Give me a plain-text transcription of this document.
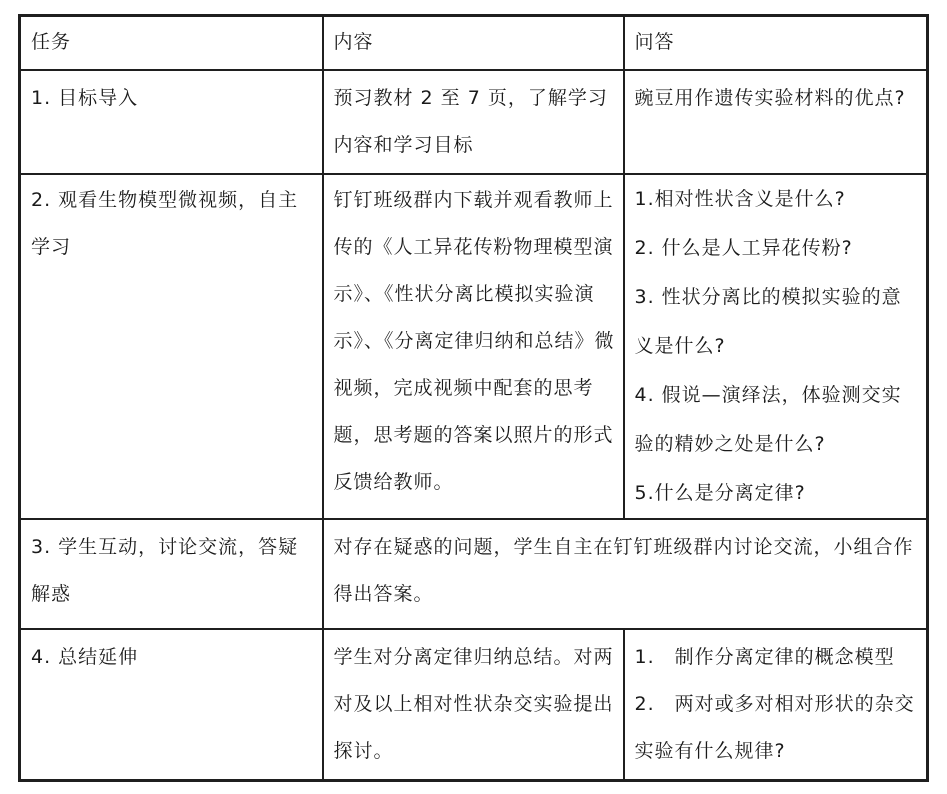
任务	内容	问答
1. 目标导入	预习教材 2 至 7 页，了解学习内容和学习目标	豌豆用作遗传实验材料的优点?
2. 观看生物模型微视频，自主学习	钉钉班级群内下载并观看教师上传的《人工异花传粉物理模型演示》、《性状分离比模拟实验演示》、《分离定律归纳和总结》微视频，完成视频中配套的思考题，思考题的答案以照片的形式反馈给教师。	1.相对性状含义是什么?
2. 什么是人工异花传粉?
3. 性状分离比的模拟实验的意义是什么?
4. 假说—演绎法，体验测交实验的精妙之处是什么?
5.什么是分离定律?

3. 学生互动，讨论交流，答疑解惑	对存在疑惑的问题，学生自主在钉钉班级群内讨论交流，小组合作得出答案。	
4. 总结延伸	学生对分离定律归纳总结。对两对及以上相对性状杂交实验提出探讨。	1.　制作分离定律的概念模型
2.　两对或多对相对形状的杂交实验有什么规律?
